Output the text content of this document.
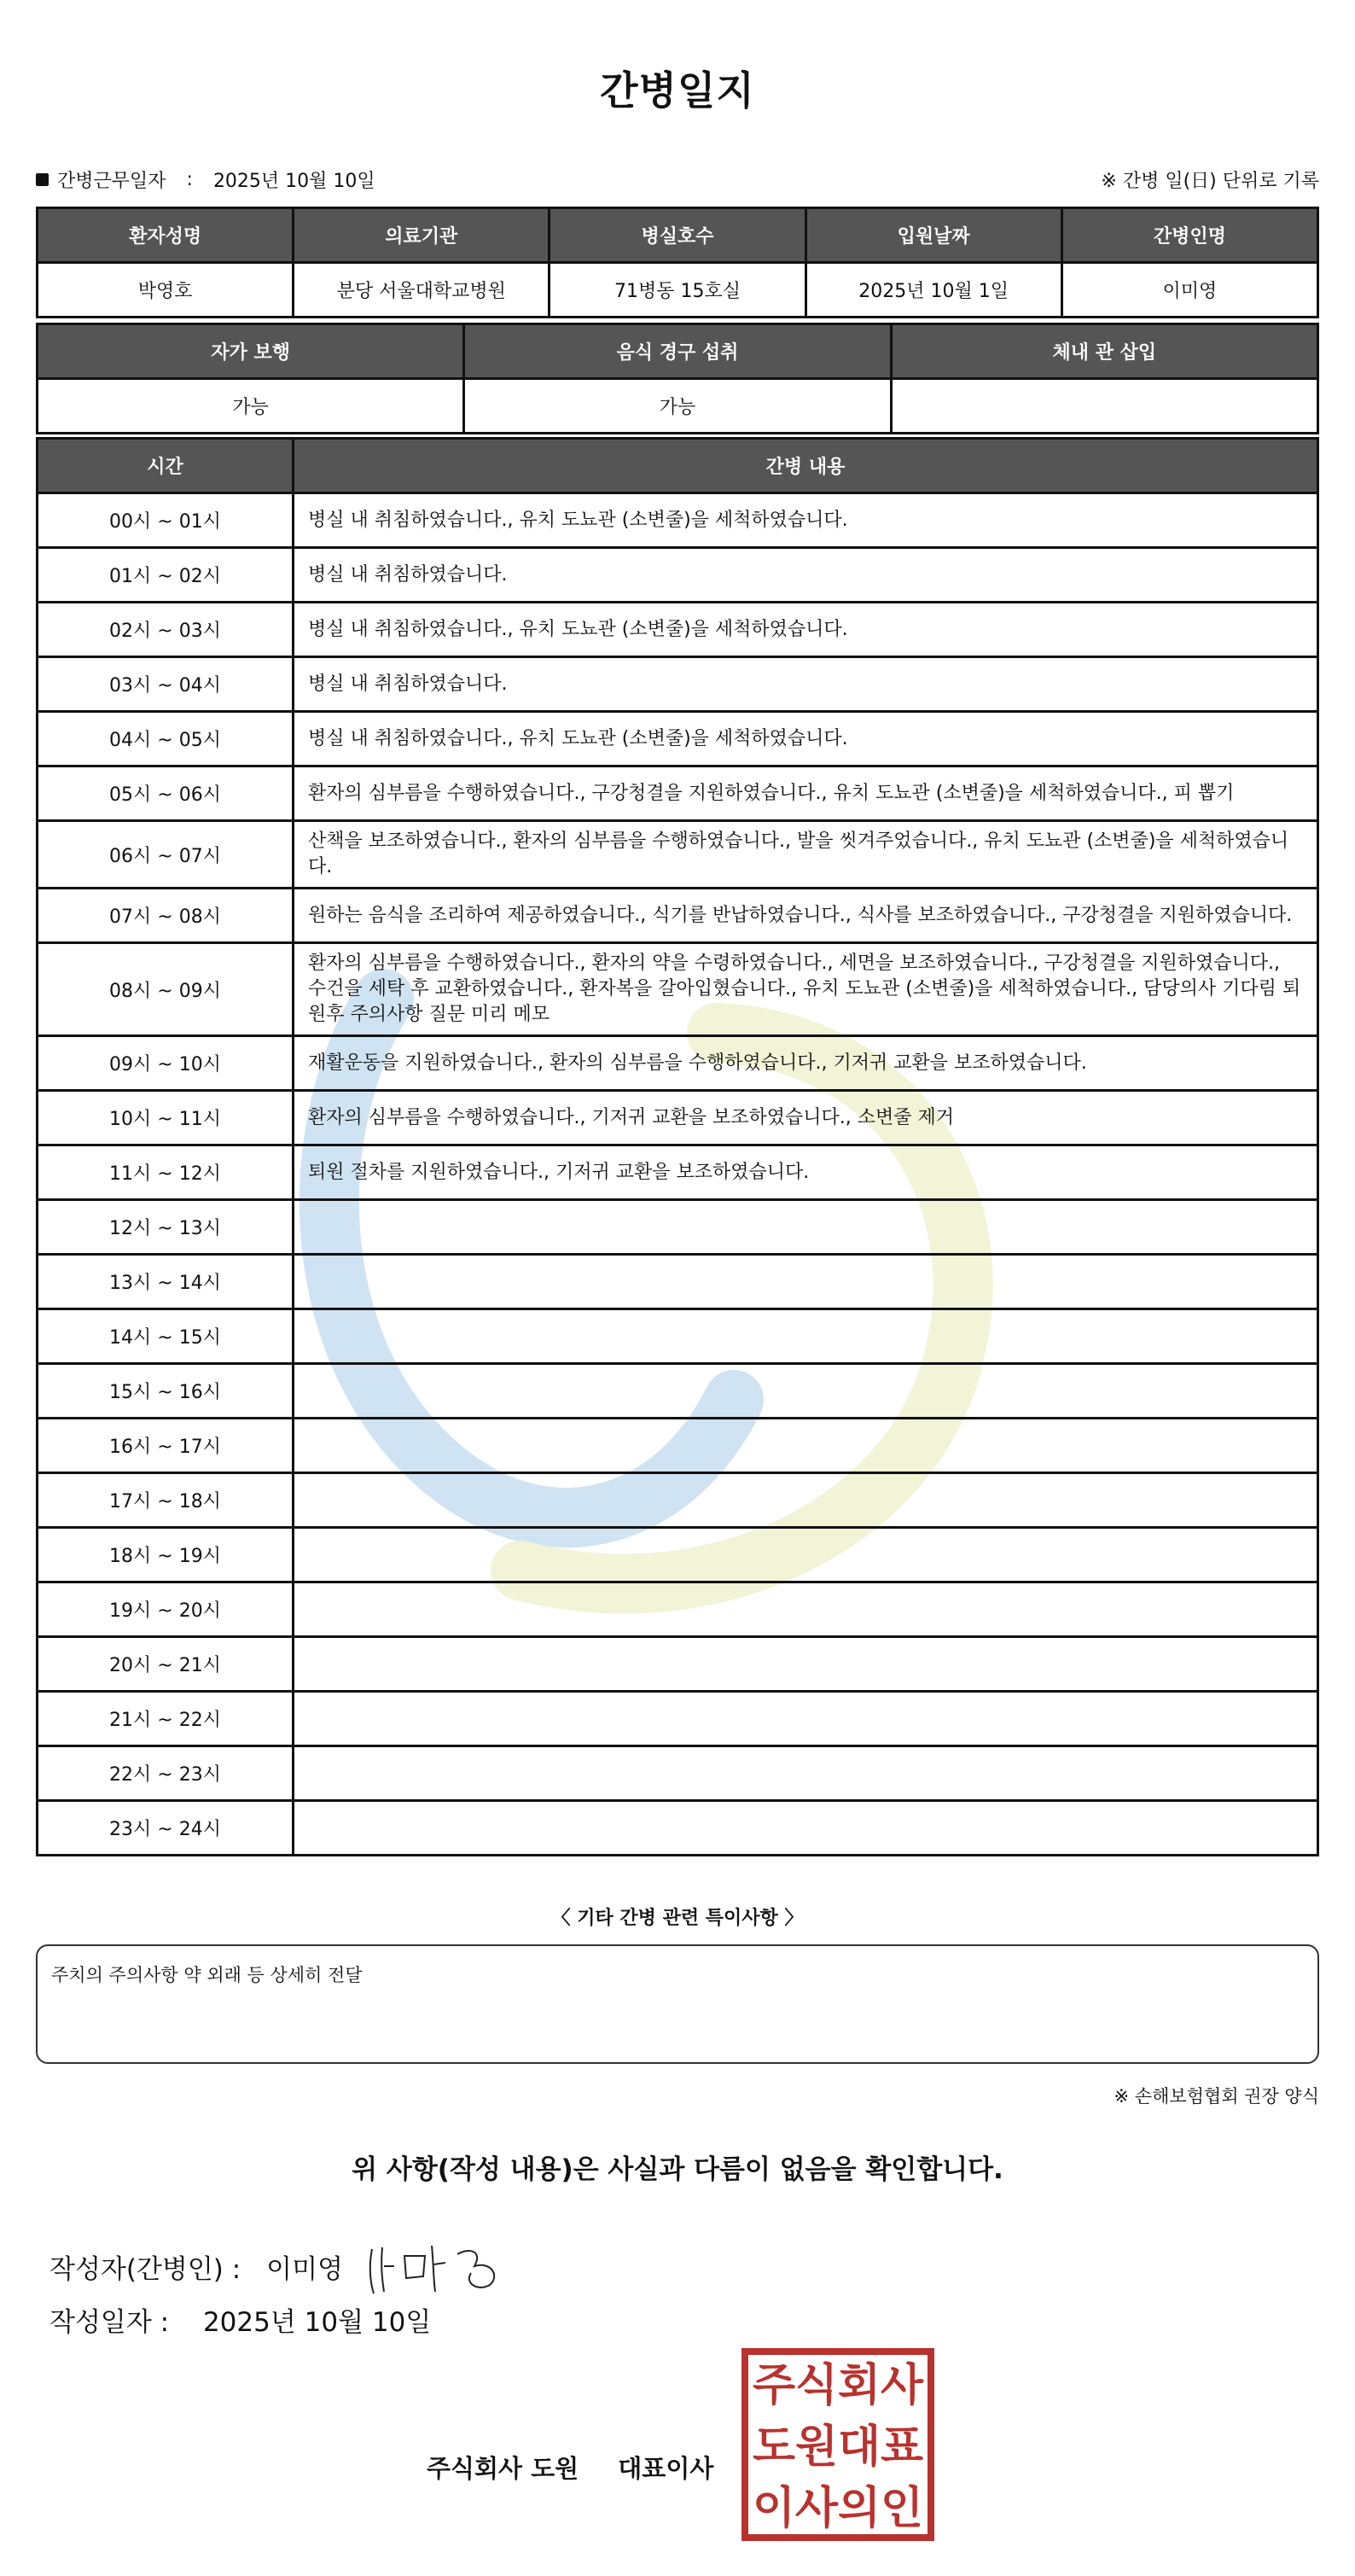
간병일지
간병근무일자 : 2025년 10월 10일	※ 간병 일(日) 단위로 기록
환자성명	의료기관	병실호수	입원날짜	간병인명
박영호	분당 서울대학교병원	71병동 15호실	2025년 10월 1일	이미영
자가 보행	음식 경구 섭취	체내 관 삽입
가능	가능	
시간	간병 내용
00시 ~ 01시	병실 내 취침하였습니다., 유치 도뇨관 (소변줄)을 세척하였습니다.
01시 ~ 02시	병실 내 취침하였습니다.
02시 ~ 03시	병실 내 취침하였습니다., 유치 도뇨관 (소변줄)을 세척하였습니다.
03시 ~ 04시	병실 내 취침하였습니다.
04시 ~ 05시	병실 내 취침하였습니다., 유치 도뇨관 (소변줄)을 세척하였습니다.
05시 ~ 06시	환자의 심부름을 수행하였습니다., 구강청결을 지원하였습니다., 유치 도뇨관 (소변줄)을 세척하였습니다., 피 뽑기
06시 ~ 07시	산책을 보조하였습니다., 환자의 심부름을 수행하였습니다., 발을 씻겨주었습니다., 유치 도뇨관 (소변줄)을 세척하였습니다.
07시 ~ 08시	원하는 음식을 조리하여 제공하였습니다., 식기를 반납하였습니다., 식사를 보조하였습니다., 구강청결을 지원하였습니다.
08시 ~ 09시	환자의 심부름을 수행하였습니다., 환자의 약을 수령하였습니다., 세면을 보조하였습니다., 구강청결을 지원하였습니다., 수건을 세탁 후 교환하였습니다., 환자복을 갈아입혔습니다., 유치 도뇨관 (소변줄)을 세척하였습니다., 담당의사 기다림 퇴원후 주의사항 질문 미리 메모
09시 ~ 10시	재활운동을 지원하였습니다., 환자의 심부름을 수행하였습니다., 기저귀 교환을 보조하였습니다.
10시 ~ 11시	환자의 심부름을 수행하였습니다., 기저귀 교환을 보조하였습니다., 소변줄 제거
11시 ~ 12시	퇴원 절차를 지원하였습니다., 기저귀 교환을 보조하였습니다.
12시 ~ 13시	
13시 ~ 14시	
14시 ~ 15시	
15시 ~ 16시	
16시 ~ 17시	
17시 ~ 18시	
18시 ~ 19시	
19시 ~ 20시	
20시 ~ 21시	
21시 ~ 22시	
22시 ~ 23시	
23시 ~ 24시	
〈 기타 간병 관련 특이사항 〉
주치의 주의사항 약 외래 등 상세히 전달
※ 손해보험협회 권장 양식
위 사항(작성 내용)은 사실과 다름이 없음을 확인합니다.
작성자(간병인) : 이미영
작성일자 : 2025년 10월 10일
주식회사 도원 대표이사
주식회사
도원대표
이사의인
